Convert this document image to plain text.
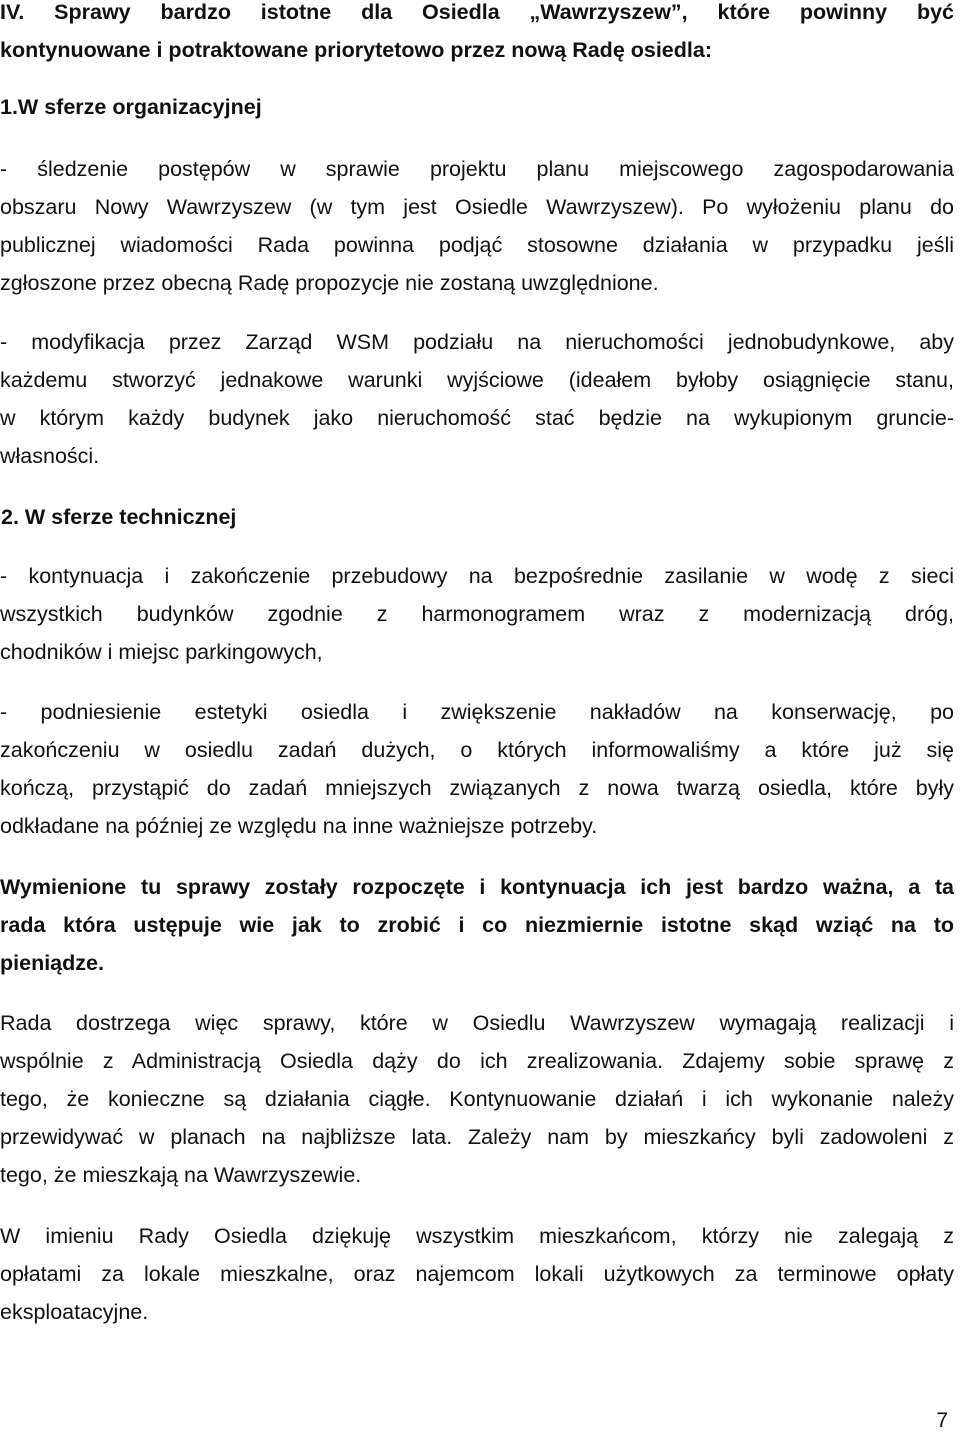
IV. Sprawy bardzo istotne dla Osiedla „Wawrzyszew”, które powinny być
kontynuowane i potraktowane priorytetowo przez nową Radę osiedla:
1.W sferze organizacyjnej
- śledzenie postępów w sprawie projektu planu miejscowego zagospodarowania
obszaru Nowy Wawrzyszew (w tym jest Osiedle Wawrzyszew). Po wyłożeniu planu do
publicznej wiadomości Rada powinna podjąć stosowne działania w przypadku jeśli
zgłoszone przez obecną Radę propozycje nie zostaną uwzględnione.
- modyfikacja przez Zarząd WSM podziału na nieruchomości jednobudynkowe, aby
każdemu stworzyć jednakowe warunki wyjściowe (ideałem byłoby osiągnięcie stanu,
w którym każdy budynek jako nieruchomość stać będzie na wykupionym gruncie-
własności.
2. W sferze technicznej
- kontynuacja i zakończenie przebudowy na bezpośrednie zasilanie w wodę z sieci
wszystkich budynków zgodnie z harmonogramem wraz z modernizacją dróg,
chodników i miejsc parkingowych,
- podniesienie estetyki osiedla i zwiększenie nakładów na konserwację, po
zakończeniu w osiedlu zadań dużych, o których informowaliśmy a które już się
kończą, przystąpić do zadań mniejszych związanych z nowa twarzą osiedla, które były
odkładane na później ze względu na inne ważniejsze potrzeby.
Wymienione tu sprawy zostały rozpoczęte i kontynuacja ich jest bardzo ważna, a ta
rada która ustępuje wie jak to zrobić i co niezmiernie istotne skąd wziąć na to
pieniądze.
Rada dostrzega więc sprawy, które w Osiedlu Wawrzyszew wymagają realizacji i
wspólnie z Administracją Osiedla dąży do ich zrealizowania. Zdajemy sobie sprawę z
tego, że konieczne są działania ciągłe. Kontynuowanie działań i ich wykonanie należy
przewidywać w planach na najbliższe lata. Zależy nam by mieszkańcy byli zadowoleni z
tego, że mieszkają na Wawrzyszewie.
W imieniu Rady Osiedla dziękuję wszystkim mieszkańcom, którzy nie zalegają z
opłatami za lokale mieszkalne, oraz najemcom lokali użytkowych za terminowe opłaty
eksploatacyjne.
7
